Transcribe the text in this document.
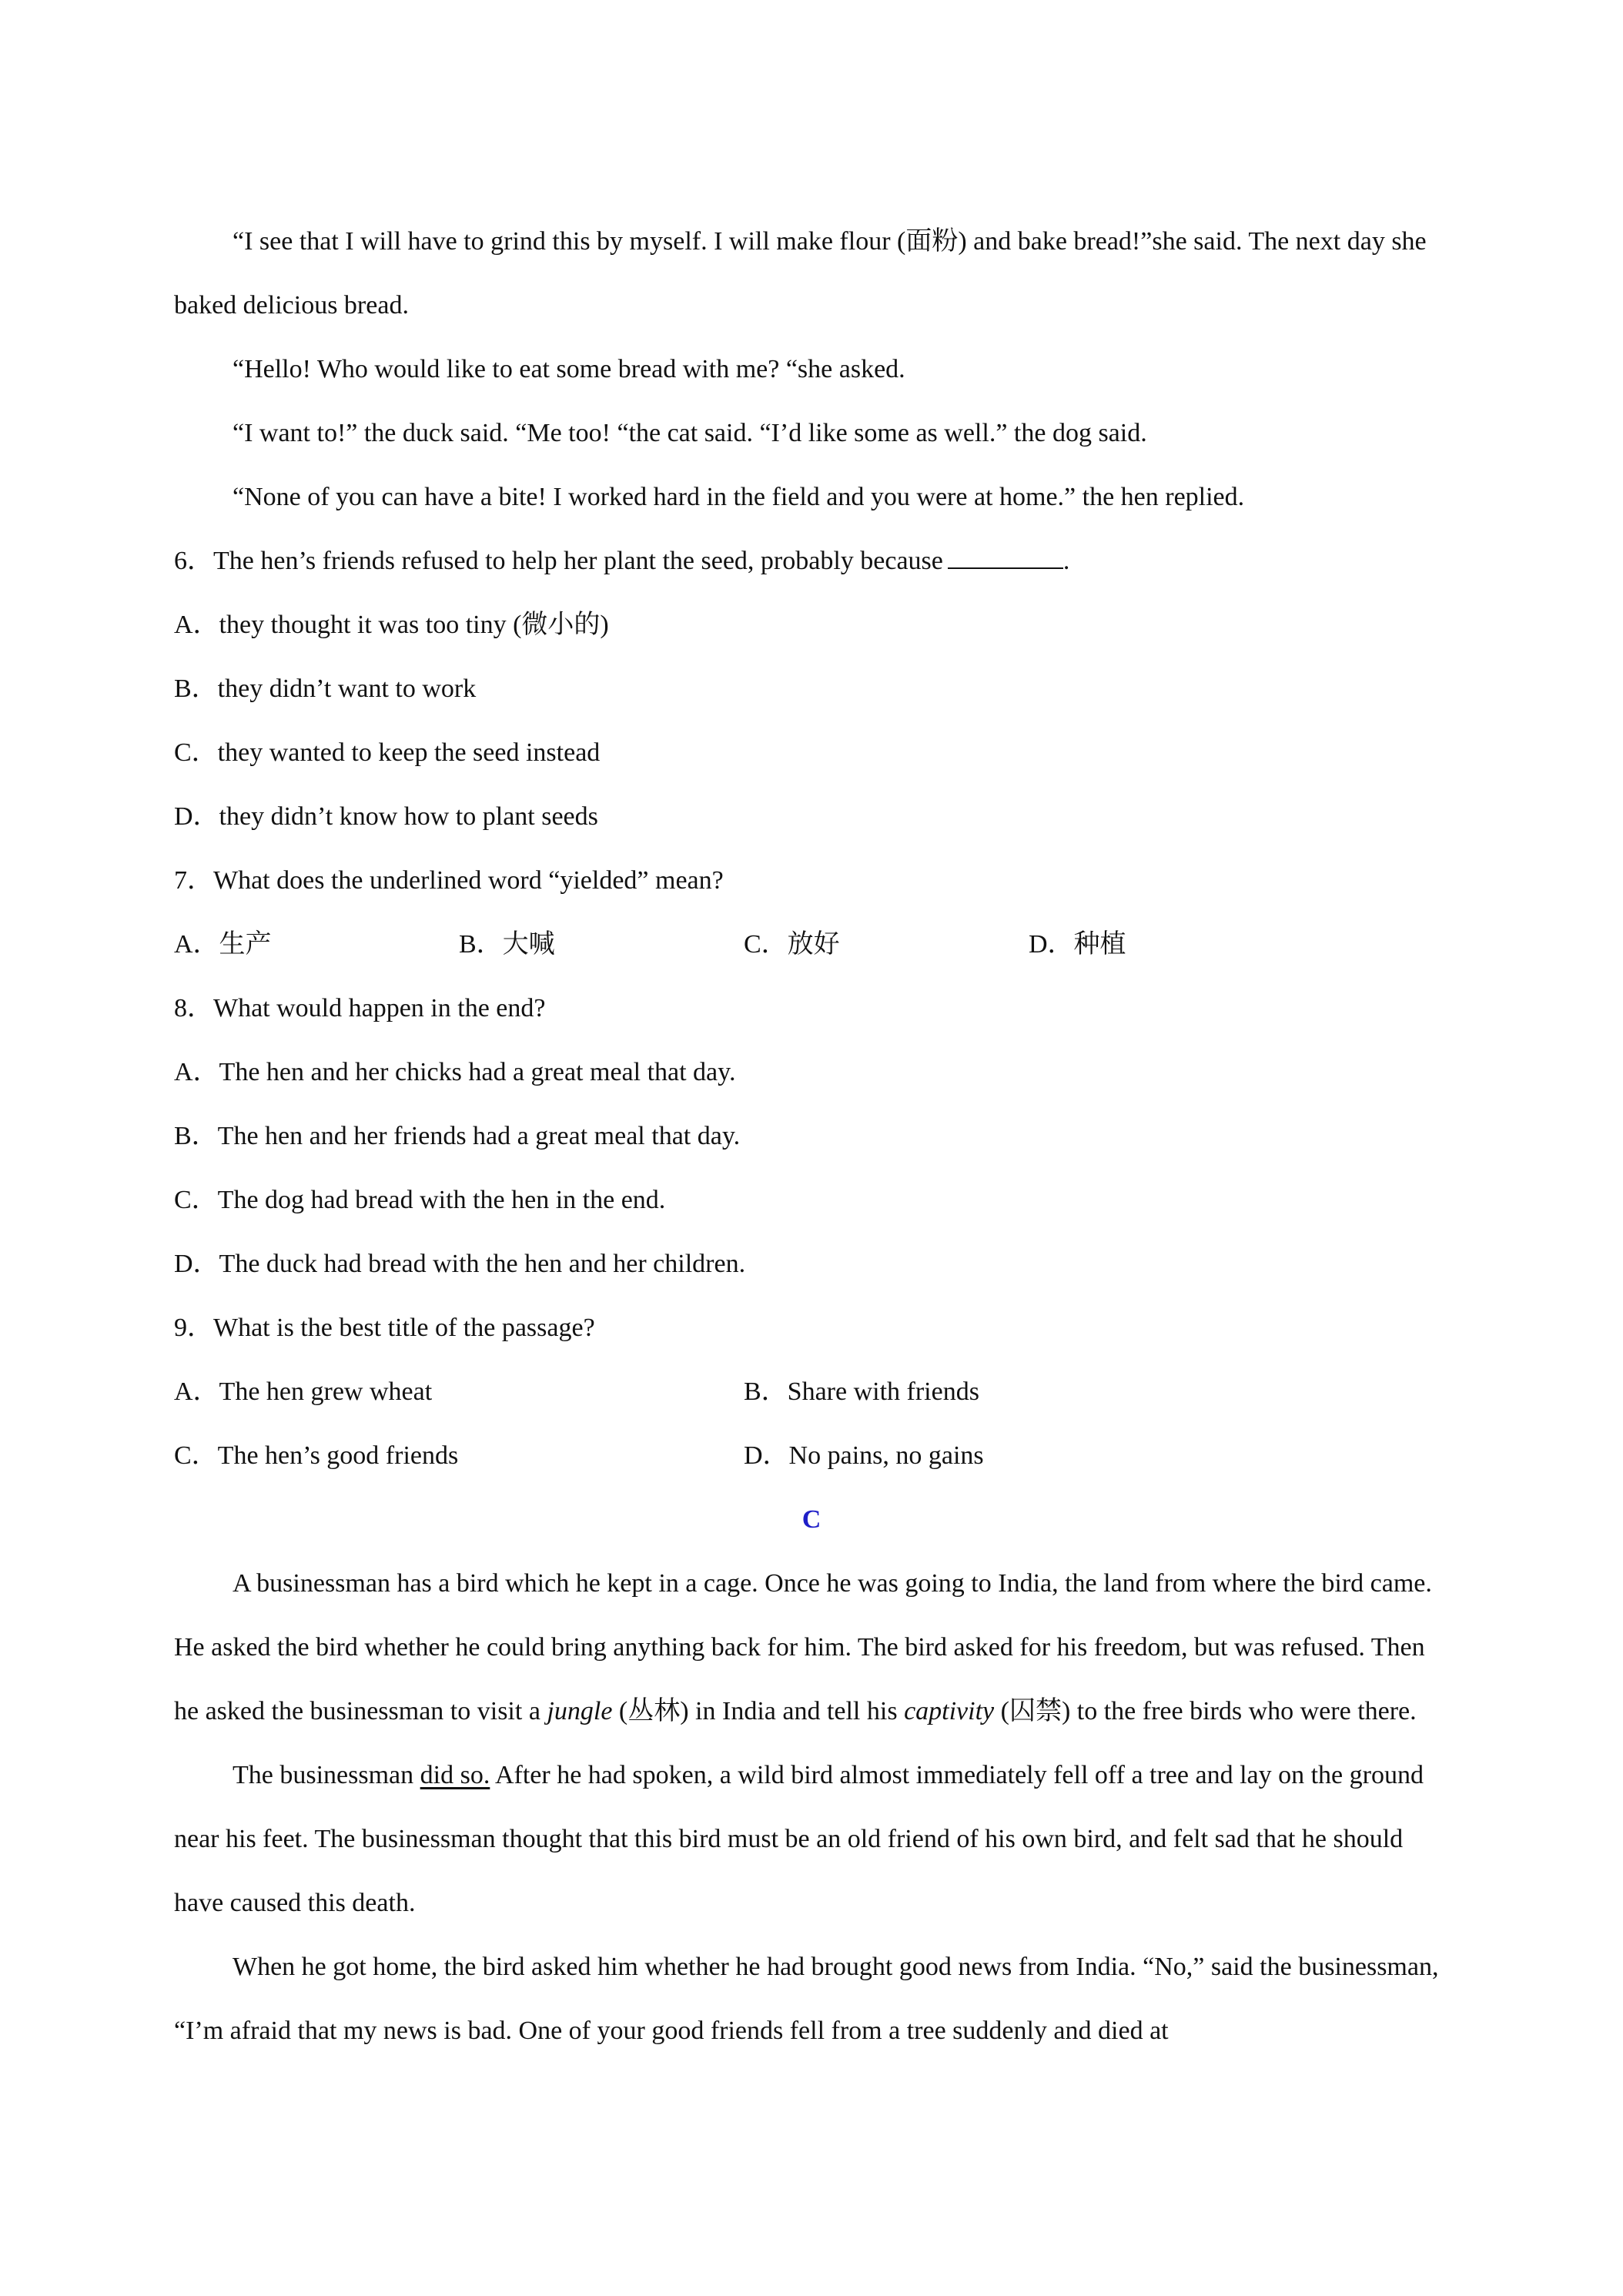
“I see that I will have to grind this by myself. I will make flour (面粉) and bake bread!”she said. The next day she baked delicious bread.

“Hello! Who would like to eat some bread with me? “she asked.

“I want to!” the duck said. “Me too! “the cat said. “I’d like some as well.” the dog said.

“None of you can have a bite! I worked hard in the field and you were at home.” the hen replied.

6．The hen’s friends refused to help her plant the seed, probably because	.

A．they thought it was too tiny (微小的)

B．they didn’t want to work

C．they wanted to keep the seed instead

D．they didn’t know how to plant seeds

7．What does the underlined word “yielded” mean?

A．生产	B．大喊	C．放好	D．种植

8．What would happen in the end?

A．The hen and her chicks had a great meal that day.

B．The hen and her friends had a great meal that day.

C．The dog had bread with the hen in the end.

D．The duck had bread with the hen and her children.

9．What is the best title of the passage?

A．The hen grew wheat	B．Share with friends
C．The hen’s good friends	D．No pains, no gains

C

A businessman has a bird which he kept in a cage. Once he was going to India, the land from where the bird came. He asked the bird whether he could bring anything back for him. The bird asked for his freedom, but was refused. Then he asked the businessman to visit a jungle (丛林) in India and tell his captivity (囚禁) to the free birds who were there.

The businessman did so. After he had spoken, a wild bird almost immediately fell off a tree and lay on the ground near his feet. The businessman thought that this bird must be an old friend of his own bird, and felt sad that he should have caused this death.

When he got home, the bird asked him whether he had brought good news from India. “No,” said the businessman, “I’m afraid that my news is bad. One of your good friends fell from a tree suddenly and died at
